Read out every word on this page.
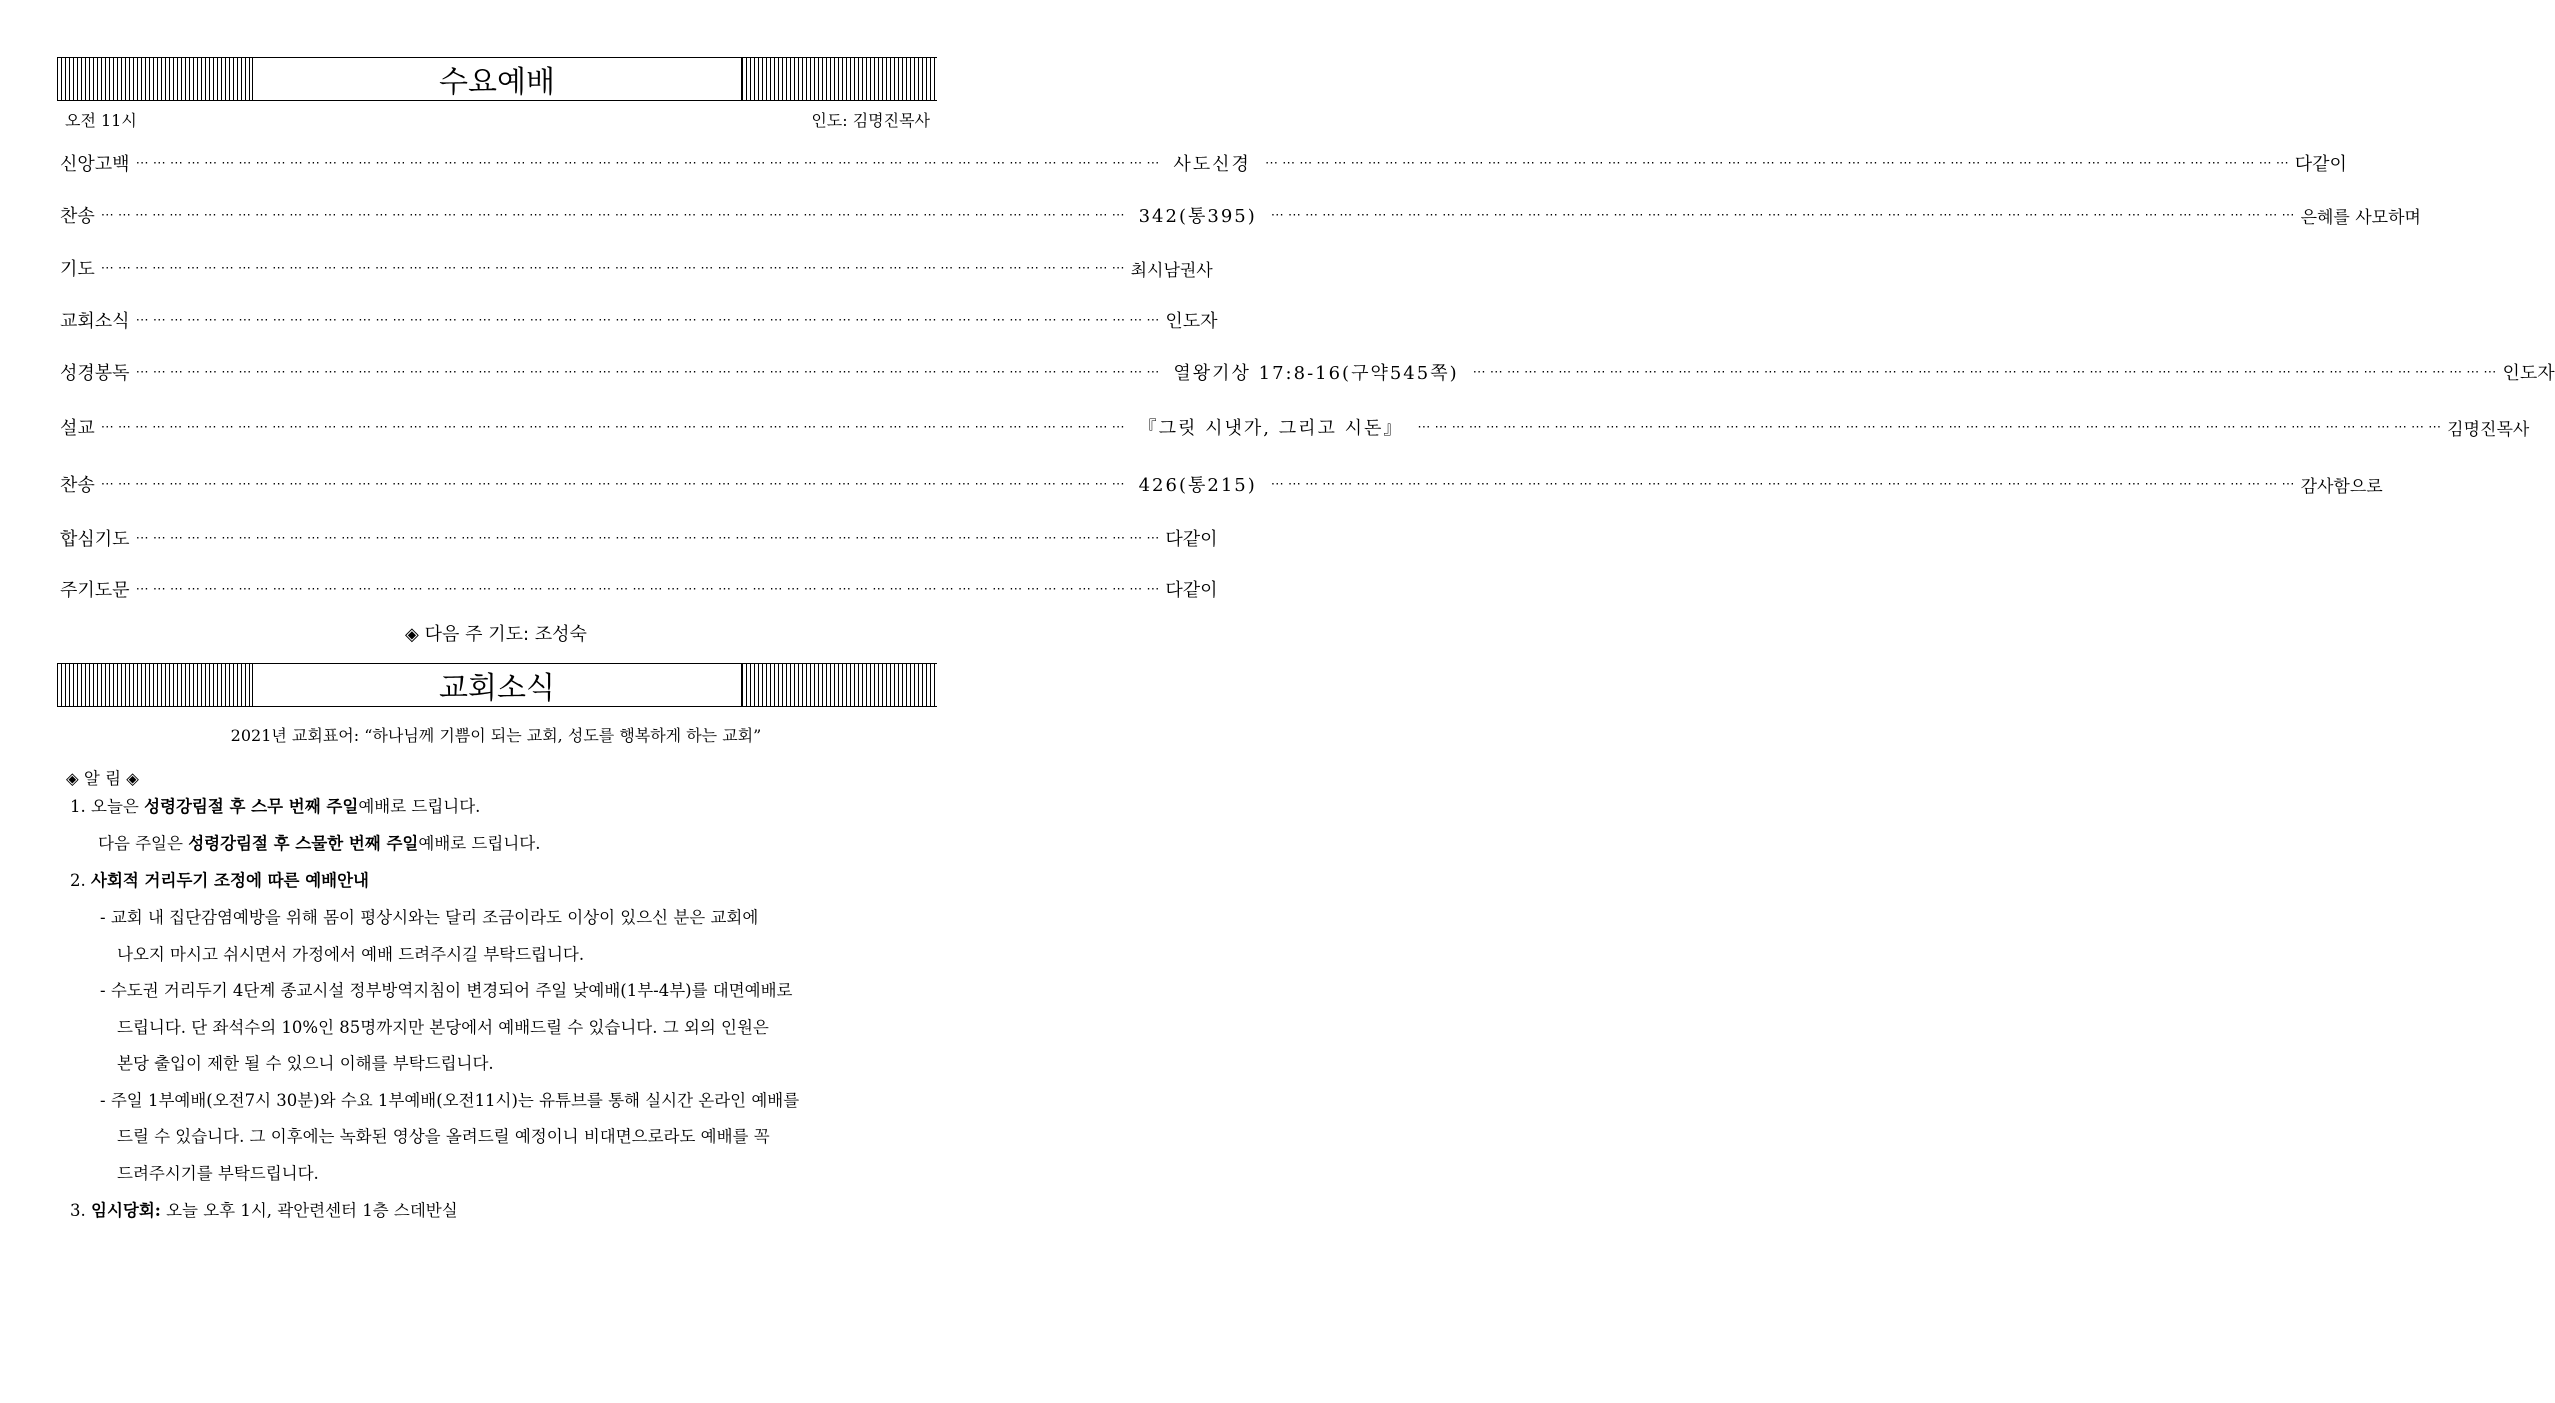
수요예배
오전 11시	인도: 김명진목사
신 앙 고 백 ⋯ ⋯ ⋯ ⋯ ⋯ ⋯ ⋯ ⋯ ⋯ ⋯ ⋯ ⋯ ⋯ ⋯ ⋯ ⋯ ⋯ ⋯ ⋯ ⋯ ⋯ ⋯ ⋯ ⋯ ⋯ ⋯ ⋯ ⋯ ⋯ ⋯ ⋯ ⋯ ⋯ ⋯ ⋯ ⋯ ⋯ ⋯ ⋯ ⋯ ⋯ ⋯ ⋯ ⋯ ⋯ ⋯ ⋯ ⋯ ⋯ ⋯ ⋯ ⋯ ⋯ ⋯ ⋯ ⋯ ⋯ ⋯ ⋯ ⋯ 사도신경	⋯ ⋯ ⋯ ⋯ ⋯ ⋯ ⋯ ⋯ ⋯ ⋯ ⋯ ⋯ ⋯ ⋯ ⋯ ⋯ ⋯ ⋯ ⋯ ⋯ ⋯ ⋯ ⋯ ⋯ ⋯ ⋯ ⋯ ⋯ ⋯ ⋯ ⋯ ⋯ ⋯ ⋯ ⋯ ⋯ ⋯ ⋯ ⋯ ⋯ ⋯ ⋯ ⋯ ⋯ ⋯ ⋯ ⋯ ⋯ ⋯ ⋯ ⋯ ⋯ ⋯ ⋯ ⋯ ⋯ ⋯ ⋯ ⋯ ⋯ 다 같 이
찬 송 ⋯ ⋯ ⋯ ⋯ ⋯ ⋯ ⋯ ⋯ ⋯ ⋯ ⋯ ⋯ ⋯ ⋯ ⋯ ⋯ ⋯ ⋯ ⋯ ⋯ ⋯ ⋯ ⋯ ⋯ ⋯ ⋯ ⋯ ⋯ ⋯ ⋯ ⋯ ⋯ ⋯ ⋯ ⋯ ⋯ ⋯ ⋯ ⋯ ⋯ ⋯ ⋯ ⋯ ⋯ ⋯ ⋯ ⋯ ⋯ ⋯ ⋯ ⋯ ⋯ ⋯ ⋯ ⋯ ⋯ ⋯ ⋯ ⋯ ⋯ 342(통395)	⋯ ⋯ ⋯ ⋯ ⋯ ⋯ ⋯ ⋯ ⋯ ⋯ ⋯ ⋯ ⋯ ⋯ ⋯ ⋯ ⋯ ⋯ ⋯ ⋯ ⋯ ⋯ ⋯ ⋯ ⋯ ⋯ ⋯ ⋯ ⋯ ⋯ ⋯ ⋯ ⋯ ⋯ ⋯ ⋯ ⋯ ⋯ ⋯ ⋯ ⋯ ⋯ ⋯ ⋯ ⋯ ⋯ ⋯ ⋯ ⋯ ⋯ ⋯ ⋯ ⋯ ⋯ ⋯ ⋯ ⋯ ⋯ ⋯ ⋯ 은혜를 사모하며
기 도 ⋯ ⋯ ⋯ ⋯ ⋯ ⋯ ⋯ ⋯ ⋯ ⋯ ⋯ ⋯ ⋯ ⋯ ⋯ ⋯ ⋯ ⋯ ⋯ ⋯ ⋯ ⋯ ⋯ ⋯ ⋯ ⋯ ⋯ ⋯ ⋯ ⋯ ⋯ ⋯ ⋯ ⋯ ⋯ ⋯ ⋯ ⋯ ⋯ ⋯ ⋯ ⋯ ⋯ ⋯ ⋯ ⋯ ⋯ ⋯ ⋯ ⋯ ⋯ ⋯ ⋯ ⋯ ⋯ ⋯ ⋯ ⋯ ⋯ ⋯ 최시남권사
교 회 소 식 ⋯ ⋯ ⋯ ⋯ ⋯ ⋯ ⋯ ⋯ ⋯ ⋯ ⋯ ⋯ ⋯ ⋯ ⋯ ⋯ ⋯ ⋯ ⋯ ⋯ ⋯ ⋯ ⋯ ⋯ ⋯ ⋯ ⋯ ⋯ ⋯ ⋯ ⋯ ⋯ ⋯ ⋯ ⋯ ⋯ ⋯ ⋯ ⋯ ⋯ ⋯ ⋯ ⋯ ⋯ ⋯ ⋯ ⋯ ⋯ ⋯ ⋯ ⋯ ⋯ ⋯ ⋯ ⋯ ⋯ ⋯ ⋯ ⋯ ⋯ 인 도 자
성 경 봉 독 ⋯ ⋯ ⋯ ⋯ ⋯ ⋯ ⋯ ⋯ ⋯ ⋯ ⋯ ⋯ ⋯ ⋯ ⋯ ⋯ ⋯ ⋯ ⋯ ⋯ ⋯ ⋯ ⋯ ⋯ ⋯ ⋯ ⋯ ⋯ ⋯ ⋯ ⋯ ⋯ ⋯ ⋯ ⋯ ⋯ ⋯ ⋯ ⋯ ⋯ ⋯ ⋯ ⋯ ⋯ ⋯ ⋯ ⋯ ⋯ ⋯ ⋯ ⋯ ⋯ ⋯ ⋯ ⋯ ⋯ ⋯ ⋯ ⋯ ⋯ 열왕기상 17:8-16(구약545쪽)	⋯ ⋯ ⋯ ⋯ ⋯ ⋯ ⋯ ⋯ ⋯ ⋯ ⋯ ⋯ ⋯ ⋯ ⋯ ⋯ ⋯ ⋯ ⋯ ⋯ ⋯ ⋯ ⋯ ⋯ ⋯ ⋯ ⋯ ⋯ ⋯ ⋯ ⋯ ⋯ ⋯ ⋯ ⋯ ⋯ ⋯ ⋯ ⋯ ⋯ ⋯ ⋯ ⋯ ⋯ ⋯ ⋯ ⋯ ⋯ ⋯ ⋯ ⋯ ⋯ ⋯ ⋯ ⋯ ⋯ ⋯ ⋯ ⋯ ⋯ 인 도 자
설 교 ⋯ ⋯ ⋯ ⋯ ⋯ ⋯ ⋯ ⋯ ⋯ ⋯ ⋯ ⋯ ⋯ ⋯ ⋯ ⋯ ⋯ ⋯ ⋯ ⋯ ⋯ ⋯ ⋯ ⋯ ⋯ ⋯ ⋯ ⋯ ⋯ ⋯ ⋯ ⋯ ⋯ ⋯ ⋯ ⋯ ⋯ ⋯ ⋯ ⋯ ⋯ ⋯ ⋯ ⋯ ⋯ ⋯ ⋯ ⋯ ⋯ ⋯ ⋯ ⋯ ⋯ ⋯ ⋯ ⋯ ⋯ ⋯ ⋯ ⋯ 『그릿 시냇가, 그리고 시돈』	⋯ ⋯ ⋯ ⋯ ⋯ ⋯ ⋯ ⋯ ⋯ ⋯ ⋯ ⋯ ⋯ ⋯ ⋯ ⋯ ⋯ ⋯ ⋯ ⋯ ⋯ ⋯ ⋯ ⋯ ⋯ ⋯ ⋯ ⋯ ⋯ ⋯ ⋯ ⋯ ⋯ ⋯ ⋯ ⋯ ⋯ ⋯ ⋯ ⋯ ⋯ ⋯ ⋯ ⋯ ⋯ ⋯ ⋯ ⋯ ⋯ ⋯ ⋯ ⋯ ⋯ ⋯ ⋯ ⋯ ⋯ ⋯ ⋯ ⋯ 김명진목사
찬 송 ⋯ ⋯ ⋯ ⋯ ⋯ ⋯ ⋯ ⋯ ⋯ ⋯ ⋯ ⋯ ⋯ ⋯ ⋯ ⋯ ⋯ ⋯ ⋯ ⋯ ⋯ ⋯ ⋯ ⋯ ⋯ ⋯ ⋯ ⋯ ⋯ ⋯ ⋯ ⋯ ⋯ ⋯ ⋯ ⋯ ⋯ ⋯ ⋯ ⋯ ⋯ ⋯ ⋯ ⋯ ⋯ ⋯ ⋯ ⋯ ⋯ ⋯ ⋯ ⋯ ⋯ ⋯ ⋯ ⋯ ⋯ ⋯ ⋯ ⋯ 426(통215)	⋯ ⋯ ⋯ ⋯ ⋯ ⋯ ⋯ ⋯ ⋯ ⋯ ⋯ ⋯ ⋯ ⋯ ⋯ ⋯ ⋯ ⋯ ⋯ ⋯ ⋯ ⋯ ⋯ ⋯ ⋯ ⋯ ⋯ ⋯ ⋯ ⋯ ⋯ ⋯ ⋯ ⋯ ⋯ ⋯ ⋯ ⋯ ⋯ ⋯ ⋯ ⋯ ⋯ ⋯ ⋯ ⋯ ⋯ ⋯ ⋯ ⋯ ⋯ ⋯ ⋯ ⋯ ⋯ ⋯ ⋯ ⋯ ⋯ ⋯ 감사함으로
합 심 기 도 ⋯ ⋯ ⋯ ⋯ ⋯ ⋯ ⋯ ⋯ ⋯ ⋯ ⋯ ⋯ ⋯ ⋯ ⋯ ⋯ ⋯ ⋯ ⋯ ⋯ ⋯ ⋯ ⋯ ⋯ ⋯ ⋯ ⋯ ⋯ ⋯ ⋯ ⋯ ⋯ ⋯ ⋯ ⋯ ⋯ ⋯ ⋯ ⋯ ⋯ ⋯ ⋯ ⋯ ⋯ ⋯ ⋯ ⋯ ⋯ ⋯ ⋯ ⋯ ⋯ ⋯ ⋯ ⋯ ⋯ ⋯ ⋯ ⋯ ⋯ 다 같 이
주 기 도 문 ⋯ ⋯ ⋯ ⋯ ⋯ ⋯ ⋯ ⋯ ⋯ ⋯ ⋯ ⋯ ⋯ ⋯ ⋯ ⋯ ⋯ ⋯ ⋯ ⋯ ⋯ ⋯ ⋯ ⋯ ⋯ ⋯ ⋯ ⋯ ⋯ ⋯ ⋯ ⋯ ⋯ ⋯ ⋯ ⋯ ⋯ ⋯ ⋯ ⋯ ⋯ ⋯ ⋯ ⋯ ⋯ ⋯ ⋯ ⋯ ⋯ ⋯ ⋯ ⋯ ⋯ ⋯ ⋯ ⋯ ⋯ ⋯ ⋯ ⋯ 다 같 이
◈ 다음 주 기도: 조성숙
교회소식
2021년 교회표어: “하나님께 기쁨이 되는 교회, 성도를 행복하게 하는 교회”
◈ 알 림 ◈
1. 오늘은 성령강림절 후 스무 번째 주일예배로 드립니다.
다음 주일은 성령강림절 후 스물한 번째 주일예배로 드립니다.
2. 사회적 거리두기 조정에 따른 예배안내
- 교회 내 집단감염예방을 위해 몸이 평상시와는 달리 조금이라도 이상이 있으신 분은 교회에
나오지 마시고 쉬시면서 가정에서 예배 드려주시길 부탁드립니다.
- 수도권 거리두기 4단계 종교시설 정부방역지침이 변경되어 주일 낮예배(1부-4부)를 대면예배로
드립니다. 단 좌석수의 10%인 85명까지만 본당에서 예배드릴 수 있습니다. 그 외의 인원은
본당 출입이 제한 될 수 있으니 이해를 부탁드립니다.
- 주일 1부예배(오전7시 30분)와 수요 1부예배(오전11시)는 유튜브를 통해 실시간 온라인 예배를
드릴 수 있습니다. 그 이후에는 녹화된 영상을 올려드릴 예정이니 비대면으로라도 예배를 꼭
드려주시기를 부탁드립니다.
3. 임시당회: 오늘 오후 1시, 곽안련센터 1층 스데반실
